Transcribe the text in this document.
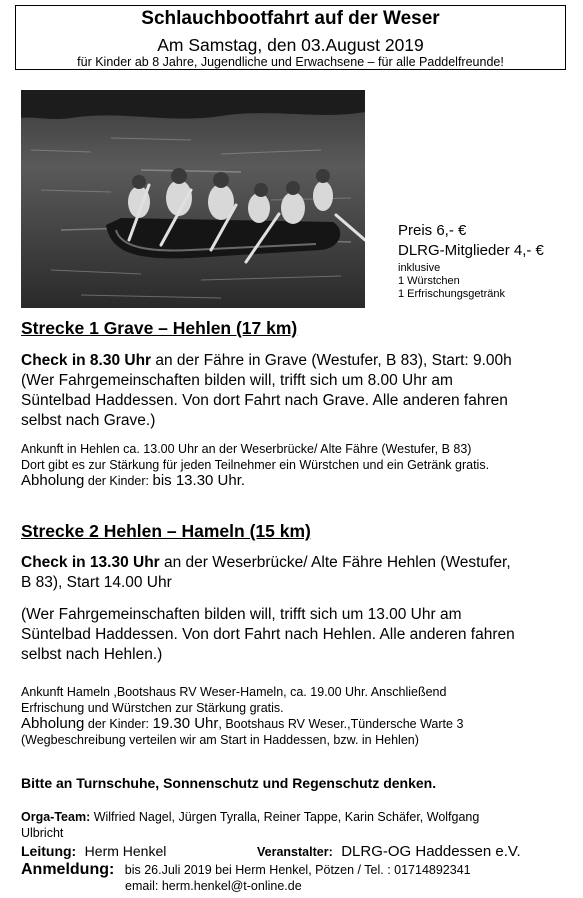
Schlauchbootfahrt auf der Weser
Am Samstag, den 03.August 2019
für Kinder ab 8 Jahre, Jugendliche und Erwachsene – für alle Paddelfreunde!
Preis 6,- €
DLRG-Mitglieder 4,- €
inklusive
1 Würstchen
1 Erfrischungsgetränk
Strecke 1 Grave – Hehlen (17 km)
Check in 8.30 Uhr an der Fähre in Grave (Westufer, B 83), Start: 9.00h
(Wer Fahrgemeinschaften bilden will, trifft sich um 8.00 Uhr am
Süntelbad Haddessen. Von dort Fahrt nach Grave. Alle anderen fahren
selbst nach Grave.)
Ankunft in Hehlen ca. 13.00 Uhr an der Weserbrücke/ Alte Fähre (Westufer, B 83)
Dort gibt es zur Stärkung für jeden Teilnehmer ein Würstchen und ein Getränk gratis.
Abholung der Kinder: bis 13.30 Uhr.
Strecke 2 Hehlen – Hameln (15 km)
Check in 13.30 Uhr an der Weserbrücke/ Alte Fähre Hehlen (Westufer,
B 83), Start 14.00 Uhr
(Wer Fahrgemeinschaften bilden will, trifft sich um 13.00 Uhr am
Süntelbad Haddessen. Von dort Fahrt nach Hehlen. Alle anderen fahren
selbst nach Hehlen.)
Ankunft Hameln ,Bootshaus RV Weser-Hameln, ca. 19.00 Uhr. Anschließend
Erfrischung und Würstchen zur Stärkung gratis.
Abholung der Kinder: 19.30 Uhr, Bootshaus RV Weser.,Tündersche Warte 3
(Wegbeschreibung verteilen wir am Start in Haddessen, bzw. in Hehlen)
Bitte an Turnschuhe, Sonnenschutz und Regenschutz denken.
Orga-Team: Wilfried Nagel, Jürgen Tyralla, Reiner Tappe, Karin Schäfer, Wolfgang
Ulbricht
Leitung: Herm Henkel	Veranstalter: DLRG-OG Haddessen e.V.
Anmeldung: bis 26.Juli 2019 bei Herm Henkel, Pötzen / Tel. : 01714892341
email: herm.henkel@t-online.de
